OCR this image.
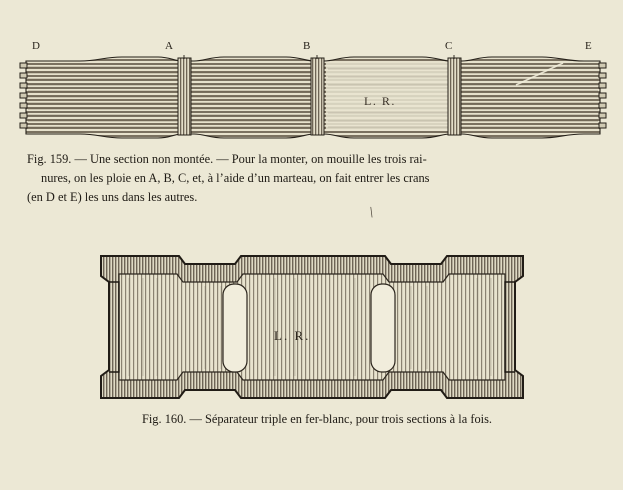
D	A	B	C	E
L. R.
Fig. 159. — Une section non montée. — Pour la monter, on mouille les trois rai-
nures, on les ploie en A, B, C, et, à l’aide d’un marteau, on fait entrer les crans
(en D et E) les uns dans les autres.
\
L. R.
Fig. 160. — Séparateur triple en fer-blanc, pour trois sections à la fois.
